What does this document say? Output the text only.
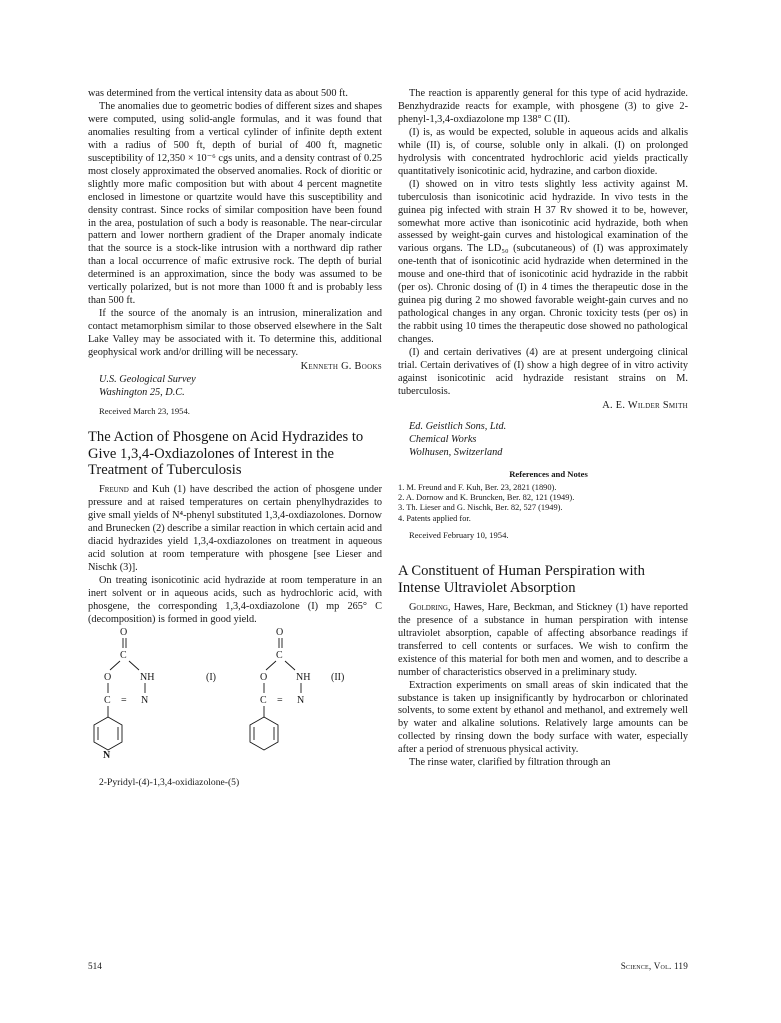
was determined from the vertical intensity data as about 500 ft.

The anomalies due to geometric bodies of different sizes and shapes were computed, using solid-angle formulas, and it was found that anomalies resulting from a vertical cylinder of infinite depth extent with a radius of 500 ft, depth of burial of 400 ft, magnetic susceptibility of 12,350 × 10⁻⁶ cgs units, and a density contrast of 0.25 most closely approximated the observed anomalies. Rock of dioritic or slightly more mafic composition but with about 4 percent magnetite enclosed in limestone or quartzite would have this susceptibility and density contrast. Since rocks of similar composition have been found in the area, postulation of such a body is reasonable. The near-circular pattern and lower northern gradient of the Draper anomaly indicate that the source is a stock-like intrusion with a northward dip rather than a local occurrence of mafic extrusive rock. The depth of burial determined is an approximation, since the body was assumed to be vertically polarized, but is not more than 1000 ft and is probably less than 500 ft.

If the source of the anomaly is an intrusion, mineralization and contact metamorphism similar to those observed elsewhere in the Salt Lake Valley may be associated with it. To determine this, additional geophysical work and/or drilling will be necessary.

Kenneth G. Books

U.S. Geological Survey

Washington 25, D.C.

Received March 23, 1954.

The Action of Phosgene on Acid Hydrazides to Give 1,3,4-Oxdiazolones of Interest in the Treatment of Tuberculosis

Freund and Kuh (1) have described the action of phosgene under pressure and at raised temperatures on certain phenylhydrazides to give small yields of N⁴-phenyl substituted 1,3,4-oxdiazolones. Dornow and Brunecken (2) describe a similar reaction in which certain acid and diacid hydrazides yield 1,3,4-oxdiazolones on treatment in aqueous acid solution at room temperature with phosgene [see Lieser and Nischk (3)].

On treating isonicotinic acid hydrazide at room temperature in an inert solvent or in aqueous acids, such as hydrochloric acid, with phosgene, the corresponding 1,3,4-oxdiazolone (I) mp 265° C (decomposition) is formed in good yield.

O
C
O	NH
C = N
N
(I)
O
C
O	NH
C = N
(II)

2-Pyridyl-(4)-1,3,4-oxidiazolone-(5)

The reaction is apparently general for this type of acid hydrazide. Benzhydrazide reacts for example, with phosgene (3) to give 2-phenyl-1,3,4-oxdiazolone mp 138° C (II).

(I) is, as would be expected, soluble in aqueous acids and alkalis while (II) is, of course, soluble only in alkali. (I) on prolonged hydrolysis with concentrated hydrochloric acid yields practically quantitatively isonicotinic acid, hydrazine, and carbon dioxide.

(I) showed on in vitro tests slightly less activity against M. tuberculosis than isonicotinic acid hydrazide. In vivo tests in the guinea pig infected with strain H 37 Rv showed it to be, however, somewhat more active than isonicotinic acid hydrazide, both when assessed by weight-gain curves and histological examination of the various organs. The LD₅₀ (subcutaneous) of (I) was approximately one-tenth that of isonicotinic acid hydrazide when determined in the mouse and one-third that of isonicotinic acid hydrazide in the rabbit (per os). Chronic dosing of (I) in 4 times the therapeutic dose in the guinea pig during 2 mo showed favorable weight-gain curves and no pathological changes in any organ. Chronic toxicity tests (per os) in the rabbit using 10 times the therapeutic dose showed no pathological changes.

(I) and certain derivatives (4) are at present undergoing clinical trial. Certain derivatives of (I) show a high degree of in vitro activity against isonicotinic acid hydrazide resistant strains on M. tuberculosis.

A. E. Wilder Smith

Ed. Geistlich Sons, Ltd.

Chemical Works

Wolhusen, Switzerland

References and Notes

1. M. Freund and F. Kuh, Ber. 23, 2821 (1890).
2. A. Dornow and K. Bruncken, Ber. 82, 121 (1949).
3. Th. Lieser and G. Nischk, Ber. 82, 527 (1949).
4. Patents applied for.

Received February 10, 1954.

A Constituent of Human Perspiration with Intense Ultraviolet Absorption

Goldring, Hawes, Hare, Beckman, and Stickney (1) have reported the presence of a substance in human perspiration with intense ultraviolet absorption, capable of affecting absorbance readings if transferred to cell contents or surfaces. We wish to confirm the existence of this material for both men and women, and to describe a number of characteristics observed in a preliminary study.

Extraction experiments on small areas of skin indicated that the substance is taken up insignificantly by hydrocarbon or chlorinated solvents, to some extent by ethanol and methanol, and extremely well by water and alkaline solutions. Relatively large amounts can be collected by rinsing down the body surface with water, especially after a period of strenuous physical activity.

The rinse water, clarified by filtration through an

514	Science, Vol. 119
